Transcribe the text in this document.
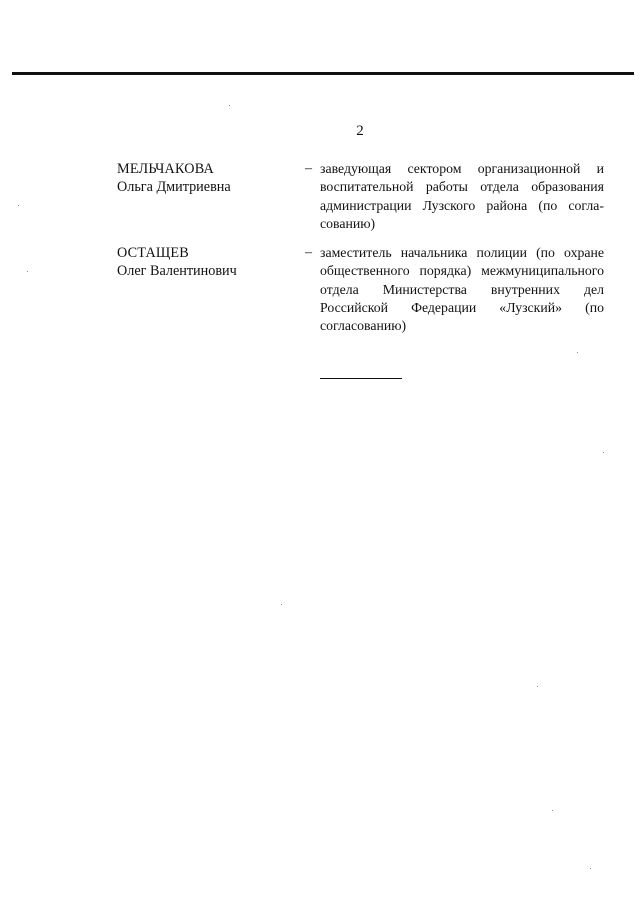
2
МЕЛЬЧАКОВА
Ольга Дмитриевна
– заведующая сектором организационной и воспитательной работы отдела образования администрации Лузского района (по согласованию)

ОСТАЩЕВ
Олег Валентинович
– заместитель начальника полиции (по охране общественного порядка) межмуниципального отдела Министерства внутренних дел Российской Федерации «Лузский» (по согласованию)
